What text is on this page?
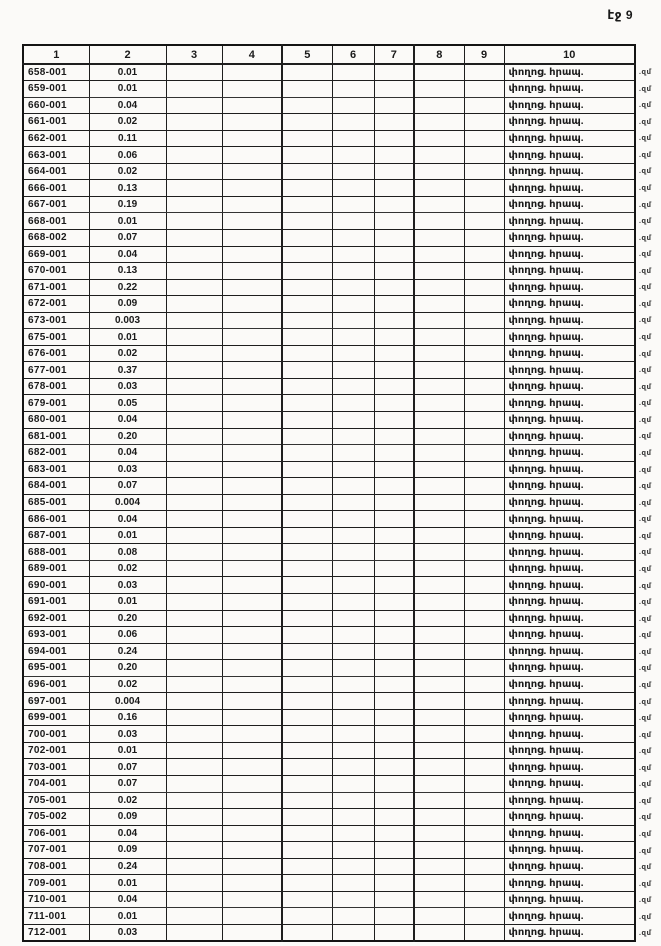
էջ 9
1	2	3	4	5	6	7	8	9	10
658-001	0.01								փողոց. հրապ.
659-001	0.01								փողոց. հրապ.
660-001	0.04								փողոց. հրապ.
661-001	0.02								փողոց. հրապ.
662-001	0.11								փողոց. հրապ.
663-001	0.06								փողոց. հրապ.
664-001	0.02								փողոց. հրապ.
666-001	0.13								փողոց. հրապ.
667-001	0.19								փողոց. հրապ.
668-001	0.01								փողոց. հրապ.
668-002	0.07								փողոց. հրապ.
669-001	0.04								փողոց. հրապ.
670-001	0.13								փողոց. հրապ.
671-001	0.22								փողոց. հրապ.
672-001	0.09								փողոց. հրապ.
673-001	0.003								փողոց. հրապ.
675-001	0.01								փողոց. հրապ.
676-001	0.02								փողոց. հրապ.
677-001	0.37								փողոց. հրապ.
678-001	0.03								փողոց. հրապ.
679-001	0.05								փողոց. հրապ.
680-001	0.04								փողոց. հրապ.
681-001	0.20								փողոց. հրապ.
682-001	0.04								փողոց. հրապ.
683-001	0.03								փողոց. հրապ.
684-001	0.07								փողոց. հրապ.
685-001	0.004								փողոց. հրապ.
686-001	0.04								փողոց. հրապ.
687-001	0.01								փողոց. հրապ.
688-001	0.08								փողոց. հրապ.
689-001	0.02								փողոց. հրապ.
690-001	0.03								փողոց. հրապ.
691-001	0.01								փողոց. հրապ.
692-001	0.20								փողոց. հրապ.
693-001	0.06								փողոց. հրապ.
694-001	0.24								փողոց. հրապ.
695-001	0.20								փողոց. հրապ.
696-001	0.02								փողոց. հրապ.
697-001	0.004								փողոց. հրապ.
699-001	0.16								փողոց. հրապ.
700-001	0.03								փողոց. հրապ.
702-001	0.01								փողոց. հրապ.
703-001	0.07								փողոց. հրապ.
704-001	0.07								փողոց. հրապ.
705-001	0.02								փողոց. հրապ.
705-002	0.09								փողոց. հրապ.
706-001	0.04								փողոց. հրապ.
707-001	0.09								փողոց. հրապ.
708-001	0.24								փողոց. հրապ.
709-001	0.01								փողոց. հրապ.
710-001	0.04								փողոց. հրապ.
711-001	0.01								փողոց. հրապ.
712-001	0.03								փողոց. հրապ.
.զմ
.զմ
.զմ
.զմ
.զմ
.զմ
.զմ
.զմ
.զմ
.զմ
.զմ
.զմ
.զմ
.զմ
.զմ
.զմ
.զմ
.զմ
.զմ
.զմ
.զմ
.զմ
.զմ
.զմ
.զմ
.զմ
.զմ
.զմ
.զմ
.զմ
.զմ
.զմ
.զմ
.զմ
.զմ
.զմ
.զմ
.զմ
.զմ
.զմ
.զմ
.զմ
.զմ
.զմ
.զմ
.զմ
.զմ
.զմ
.զմ
.զմ
.զմ
.զմ
.զմ
